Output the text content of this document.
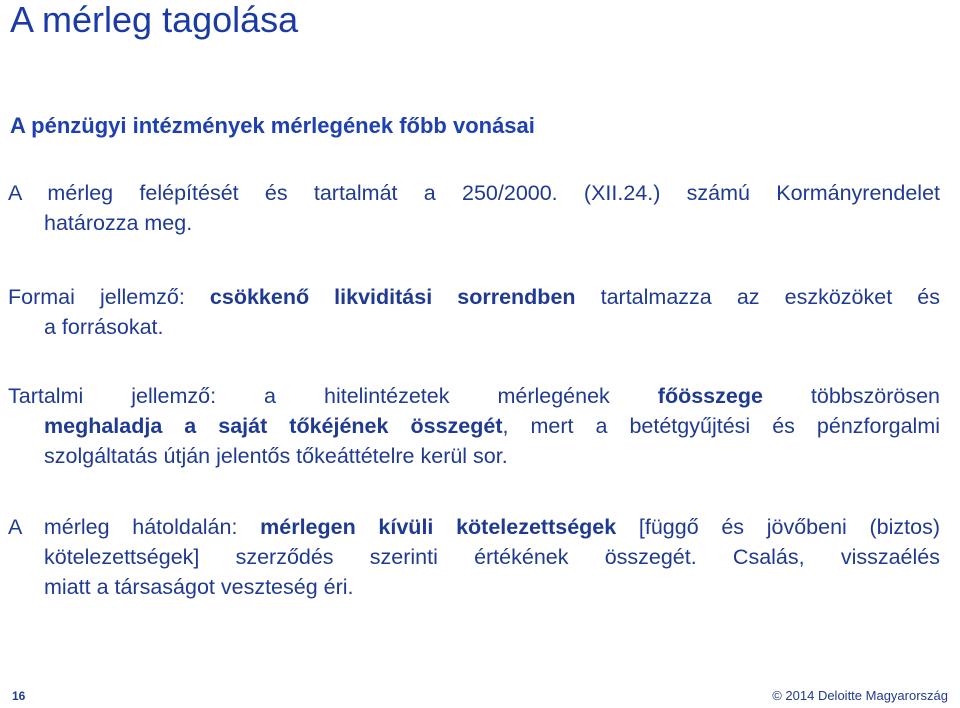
A mérleg tagolása
A pénzügyi intézmények mérlegének főbb vonásai
A mérleg felépítését és tartalmát a 250/2000. (XII.24.) számú Kormányrendelet
határozza meg.
Formai jellemző: csökkenő likviditási sorrendben tartalmazza az eszközöket és
a forrásokat.
Tartalmi jellemző: a hitelintézetek mérlegének főösszege többszörösen
meghaladja a saját tőkéjének összegét, mert a betétgyűjtési és pénzforgalmi
szolgáltatás útján jelentős tőkeáttételre kerül sor.
A mérleg hátoldalán: mérlegen kívüli kötelezettségek [függő és jövőbeni (biztos)
kötelezettségek] szerződés szerinti értékének összegét. Csalás, visszaélés
miatt a társaságot veszteség éri.
16	© 2014 Deloitte Magyarország
